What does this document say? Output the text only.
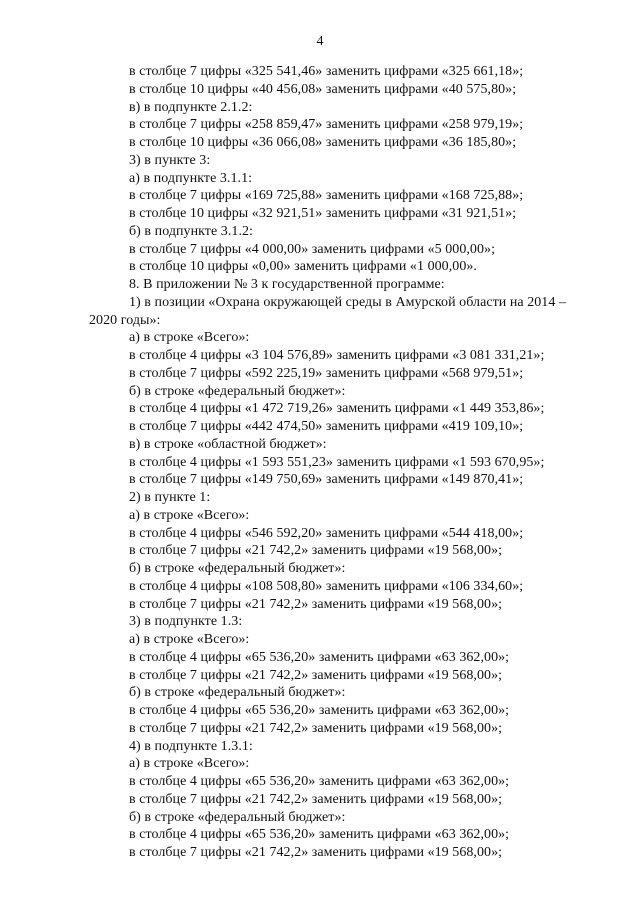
4
в столбце 7 цифры «325 541,46» заменить цифрами «325 661,18»;
в столбце 10 цифры «40 456,08» заменить цифрами «40 575,80»;
в) в подпункте 2.1.2:
в столбце 7 цифры «258 859,47» заменить цифрами «258 979,19»;
в столбце 10 цифры «36 066,08» заменить цифрами «36 185,80»;
3) в пункте 3:
а) в подпункте 3.1.1:
в столбце 7 цифры «169 725,88» заменить цифрами «168 725,88»;
в столбце 10 цифры «32 921,51» заменить цифрами «31 921,51»;
б) в подпункте 3.1.2:
в столбце 7 цифры «4 000,00» заменить цифрами «5 000,00»;
в столбце 10 цифры «0,00» заменить цифрами «1 000,00».
8. В приложении № 3 к государственной программе:
1) в позиции «Охрана окружающей среды в Амурской области на 2014 –
2020 годы»:
а) в строке «Всего»:
в столбце 4 цифры «3 104 576,89» заменить цифрами «3 081 331,21»;
в столбце 7 цифры «592 225,19» заменить цифрами «568 979,51»;
б) в строке «федеральный бюджет»:
в столбце 4 цифры «1 472 719,26» заменить цифрами «1 449 353,86»;
в столбце 7 цифры «442 474,50» заменить цифрами «419 109,10»;
в) в строке «областной бюджет»:
в столбце 4 цифры «1 593 551,23» заменить цифрами «1 593 670,95»;
в столбце 7 цифры «149 750,69» заменить цифрами «149 870,41»;
2) в пункте 1:
а) в строке «Всего»:
в столбце 4 цифры «546 592,20» заменить цифрами «544 418,00»;
в столбце 7 цифры «21 742,2» заменить цифрами «19 568,00»;
б) в строке «федеральный бюджет»:
в столбце 4 цифры «108 508,80» заменить цифрами «106 334,60»;
в столбце 7 цифры «21 742,2» заменить цифрами «19 568,00»;
3) в подпункте 1.3:
а) в строке «Всего»:
в столбце 4 цифры «65 536,20» заменить цифрами «63 362,00»;
в столбце 7 цифры «21 742,2» заменить цифрами «19 568,00»;
б) в строке «федеральный бюджет»:
в столбце 4 цифры «65 536,20» заменить цифрами «63 362,00»;
в столбце 7 цифры «21 742,2» заменить цифрами «19 568,00»;
4) в подпункте 1.3.1:
а) в строке «Всего»:
в столбце 4 цифры «65 536,20» заменить цифрами «63 362,00»;
в столбце 7 цифры «21 742,2» заменить цифрами «19 568,00»;
б) в строке «федеральный бюджет»:
в столбце 4 цифры «65 536,20» заменить цифрами «63 362,00»;
в столбце 7 цифры «21 742,2» заменить цифрами «19 568,00»;
